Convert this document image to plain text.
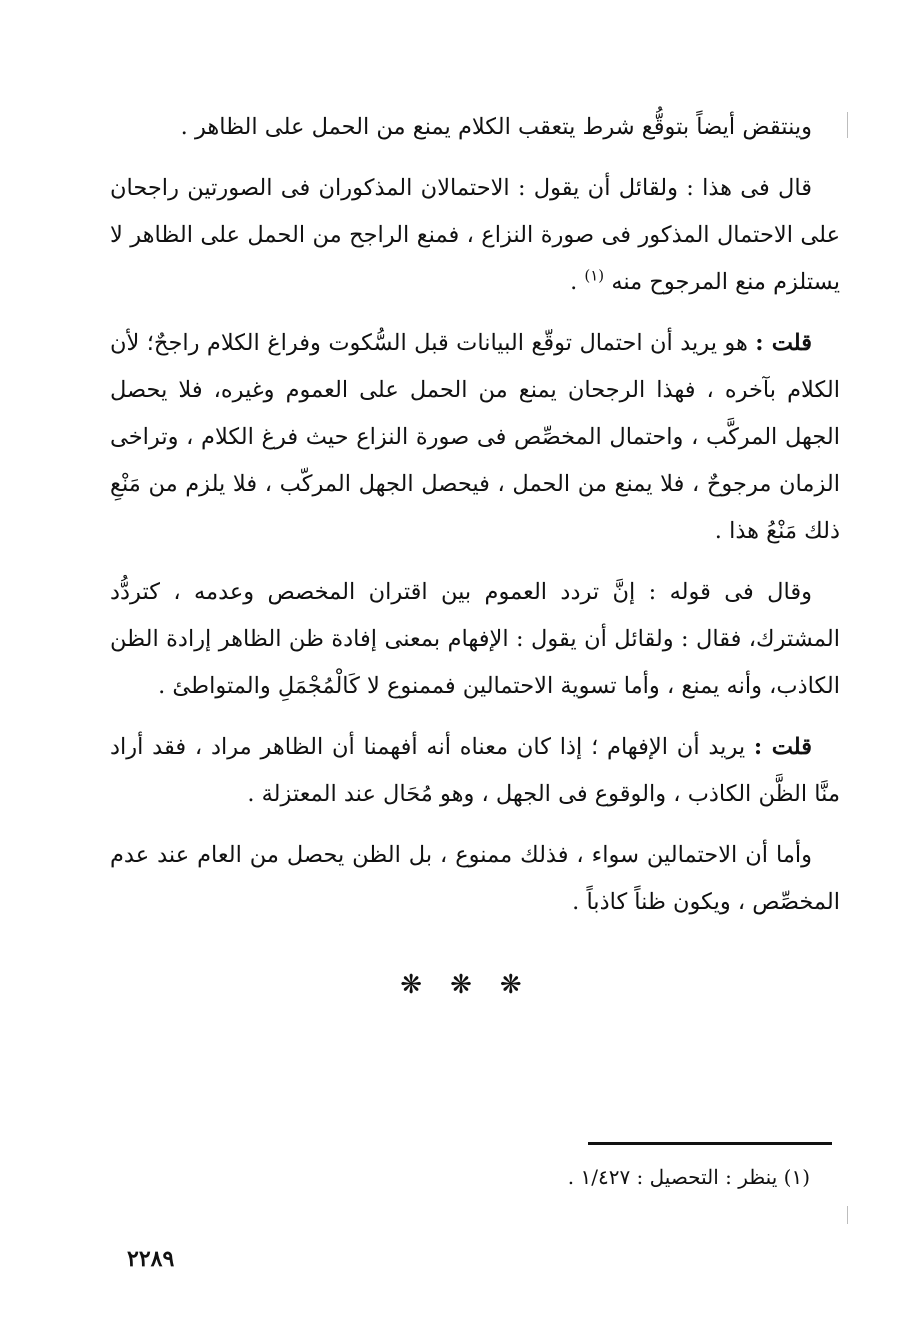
وينتقض أيضاً بتوقُّع شرط يتعقب الكلام يمنع من الحمل على الظاهر .

قال فى هذا : ولقائل أن يقول : الاحتمالان المذكوران فى الصورتين راجحان على الاحتمال المذكور فى صورة النزاع ، فمنع الراجح من الحمل على الظاهر لا يستلزم منع المرجوح منه $^{(١)}$ .

قلت : هو يريد أن احتمال توقّع البيانات قبل السُّكوت وفراغ الكلام راجحٌ؛ لأن الكلام بآخره ، فهذا الرجحان يمنع من الحمل على العموم وغيره، فلا يحصل الجهل المركَّب ، واحتمال المخصِّص فى صورة النزاع حيث فرغ الكلام ، وتراخى الزمان مرجوحٌ ، فلا يمنع من الحمل ، فيحصل الجهل المركّب ، فلا يلزم من مَنْعِ ذلك مَنْعُ هذا .

وقال فى قوله : إنَّ تردد العموم بين اقتران المخصص وعدمه ، كتردُّد المشترك، فقال : ولقائل أن يقول : الإفهام بمعنى إفادة ظن الظاهر إرادة الظن الكاذب، وأنه يمنع ، وأما تسوية الاحتمالين فممنوع لا كَالْمُجْمَلِ والمتواطئ .

قلت : يريد أن الإفهام ؛ إذا كان معناه أنه أفهمنا أن الظاهر مراد ، فقد أراد منَّا الظَّن الكاذب ، والوقوع فى الجهل ، وهو مُحَال عند المعتزلة .

وأما أن الاحتمالين سواء ، فذلك ممنوع ، بل الظن يحصل من العام عند عدم المخصِّص ، ويكون ظناً كاذباً .

❋❋❋
(١) ينظر : التحصيل : ١/٤٢٧ .
٢٢٨٩
